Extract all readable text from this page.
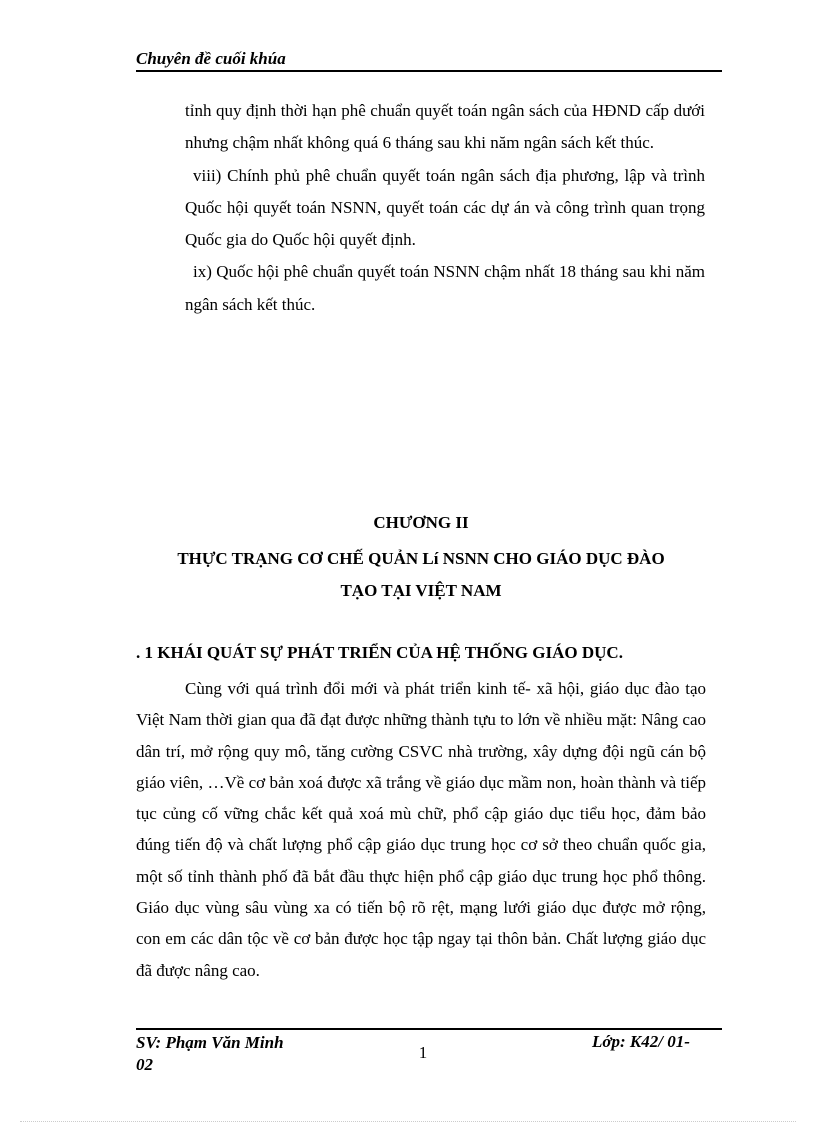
Chuyên đề cuối khúa

tỉnh quy định thời hạn phê chuẩn quyết toán ngân sách của HĐND cấp dưới nhưng chậm nhất không quá 6 tháng sau khi năm ngân sách kết thúc.

viii) Chính phủ phê chuẩn quyết toán ngân sách địa phương, lập và trình Quốc hội quyết toán NSNN, quyết toán các dự án và công trình quan trọng Quốc gia do Quốc hội quyết định.

ix) Quốc hội phê chuẩn quyết toán NSNN chậm nhất 18 tháng sau khi năm ngân sách kết thúc.

CHƯƠNG II
THỰC TRẠNG CƠ CHẾ QUẢN Lí NSNN CHO GIÁO DỤC ĐÀO
TẠO TẠI VIỆT NAM
. 1 KHÁI QUÁT SỰ PHÁT TRIỂN CỦA HỆ THỐNG GIÁO DỤC.

Cùng với quá trình đổi mới và phát triển kinh tế- xã hội, giáo dục đào tạo Việt Nam thời gian qua đã đạt được những thành tựu to lớn về nhiều mặt: Nâng cao dân trí, mở rộng quy mô, tăng cường CSVC nhà trường, xây dựng đội ngũ cán bộ giáo viên, …Về cơ bản xoá được xã trắng về giáo dục mầm non, hoàn thành và tiếp tục củng cố vững chắc kết quả xoá mù chữ, phổ cập giáo dục tiểu học, đảm bảo đúng tiến độ và chất lượng phổ cập giáo dục trung học cơ sở theo chuẩn quốc gia, một số tỉnh thành phố đã bắt đầu thực hiện phổ cập giáo dục trung học phổ thông. Giáo dục vùng sâu vùng xa có tiến bộ rõ rệt, mạng lưới giáo dục được mở rộng, con em các dân tộc về cơ bản được học tập ngay tại thôn bản. Chất lượng giáo dục đã được nâng cao.

SV: Phạm Văn Minh
02
1
Lớp: K42/ 01-
